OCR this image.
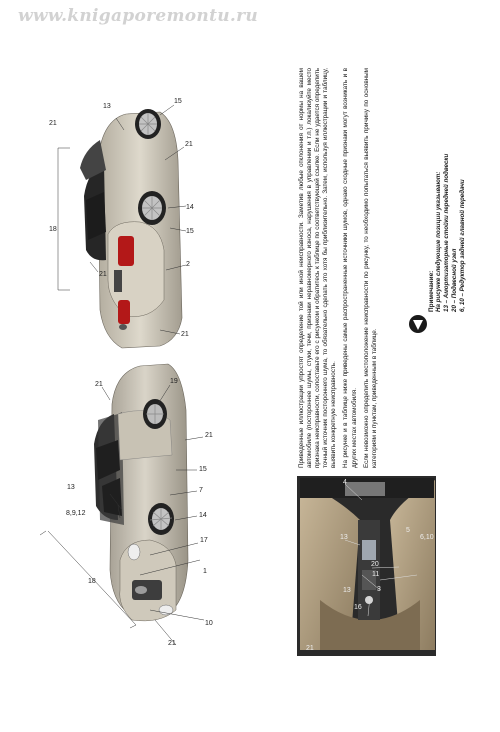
www.knigaporemontu.ru
8,9,12
13
21
18
17
1
10
21
14
7
15
21
19
13
15
21
18
21
14
15
2
21
21
21
4
13
16
11
20
3
5
6,10
13

Приведенные иллюстрации упростят определение той или иной неисправности. Заметив любые отклонения от нормы на вашем автомобиле (постороннее шумы, стуки, течи, признаки неравномерного износа, нарушения в управлении и т.п.) локализуйте место признака неисправности, сопоставьте его с рисунком и обратитесь к таблице по соответствующей ссылке. Если не удается определить точный источник постороннего шума, то обязательно сделать это хотя бы приблизительно. Затем, используя иллюстрации и таблицу, выявить конкретную неисправность. На рисунке и в таблице ниже приведены самые распространенные источники шумов, однако сходные признаки могут возникать и в других местах автомобиля. Если невозможно определить местоположение неисправности по рисунку, то необходимо попытаться выявить причину по основным категориям и пунктам, приведенным в таблице.

Примечание: На рисунке следующие позиции указывают: 13 – Амортизаторные стойки передней подвески 20 – Подвесной узел 6, 10 – Редуктор задней главной передачи
